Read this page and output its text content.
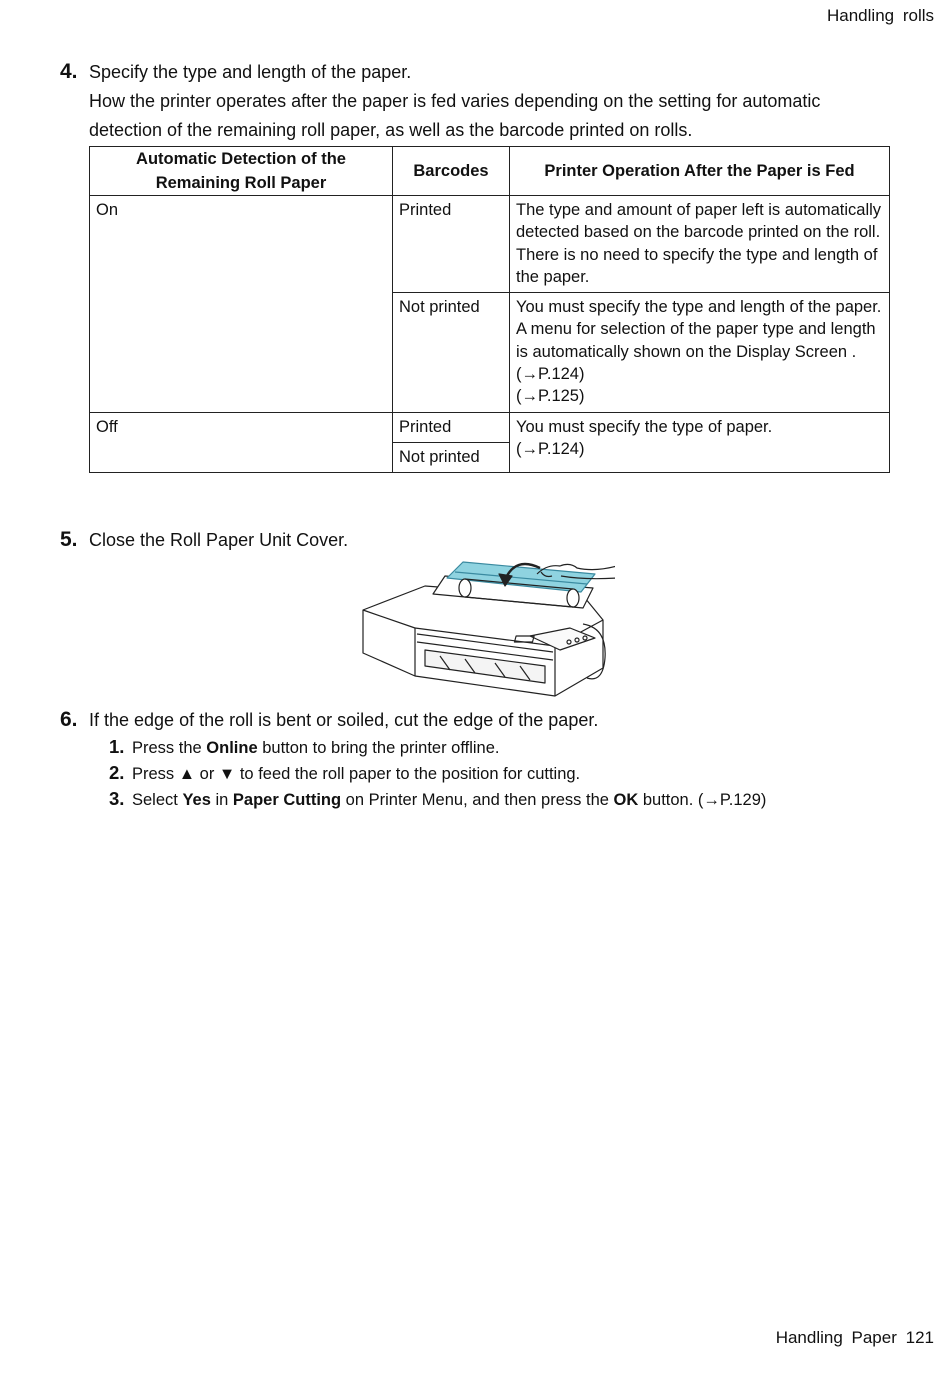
Handling rolls
4. Specify the type and length of the paper.
How the printer operates after the paper is fed varies depending on the setting for automatic detection of the remaining roll paper, as well as the barcode printed on rolls.
Automatic Detection of the Remaining Roll Paper	Barcodes	Printer Operation After the Paper is Fed
On	Printed	The type and amount of paper left is automatically detected based on the barcode printed on the roll.
There is no need to specify the type and length of the paper.

	Not printed	You must specify the type and length of the paper. A menu for selection of the paper type and length is automatically shown on the Display Screen .
(→P.124)
(→P.125)

Off	Printed	You must specify the type of paper.
(→P.124)

	Not printed	
5. Close the Roll Paper Unit Cover.
6. If the edge of the roll is bent or soiled, cut the edge of the paper.
1. Press the Online button to bring the printer offline.
2. Press ▲ or ▼ to feed the roll paper to the position for cutting.
3. Select Yes in Paper Cutting on Printer Menu, and then press the OK button. (→P.129)
Handling Paper 121
